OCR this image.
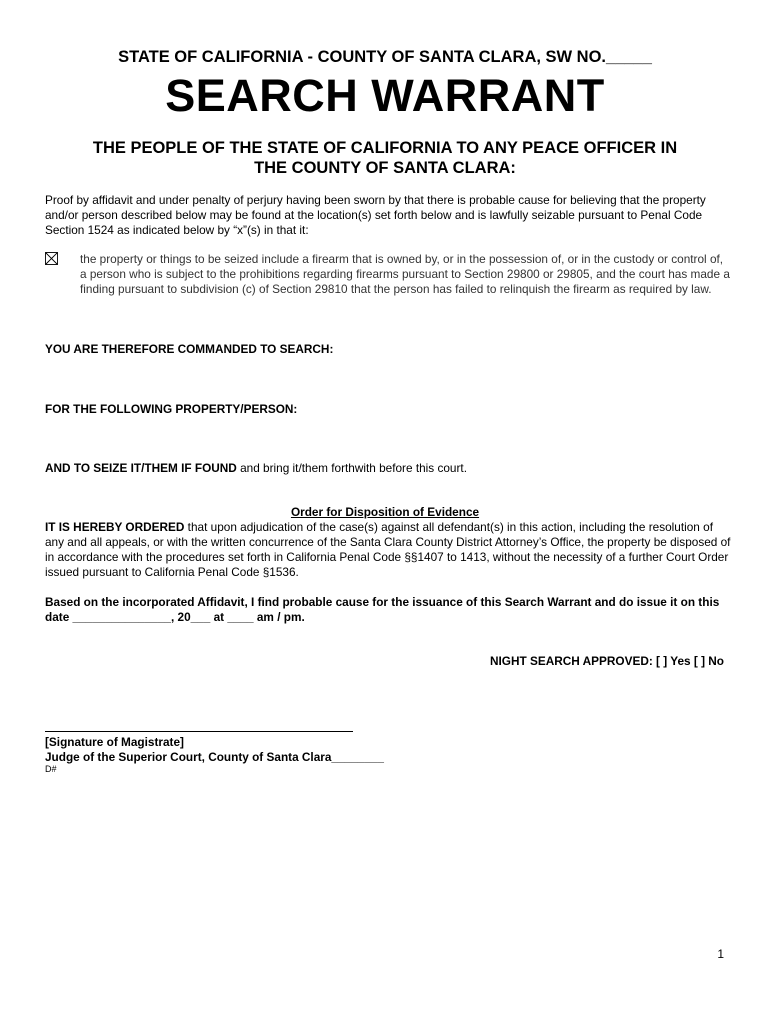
STATE OF CALIFORNIA - COUNTY OF SANTA CLARA, SW NO._____
SEARCH WARRANT
THE PEOPLE OF THE STATE OF CALIFORNIA TO ANY PEACE OFFICER IN
THE COUNTY OF SANTA CLARA:
Proof by affidavit and under penalty of perjury having been sworn by that there is probable cause for believing that the property and/or person described below may be found at the location(s) set forth below and is lawfully seizable pursuant to Penal Code Section 1524 as indicated below by “x”(s) in that it:
the property or things to be seized include a firearm that is owned by, or in the possession of, or in the custody or control of, a person who is subject to the prohibitions regarding firearms pursuant to Section 29800 or 29805, and the court has made a finding pursuant to subdivision (c) of Section 29810 that the person has failed to relinquish the firearm as required by law.
YOU ARE THEREFORE COMMANDED TO SEARCH:
FOR THE FOLLOWING PROPERTY/PERSON:
AND TO SEIZE IT/THEM IF FOUND and bring it/them forthwith before this court.
Order for Disposition of Evidence
IT IS HEREBY ORDERED that upon adjudication of the case(s) against all defendant(s) in this action, including the resolution of any and all appeals, or with the written concurrence of the Santa Clara County District Attorney’s Office, the property be disposed of in accordance with the procedures set forth in California Penal Code §§1407 to 1413, without the necessity of a further Court Order issued pursuant to California Penal Code §1536.
Based on the incorporated Affidavit, I find probable cause for the issuance of this Search Warrant and do issue it on this date _______________, 20___ at ____ am / pm.
NIGHT SEARCH APPROVED: [ ] Yes [ ] No
[Signature of Magistrate]
Judge of the Superior Court, County of Santa Clara________
D#
1
